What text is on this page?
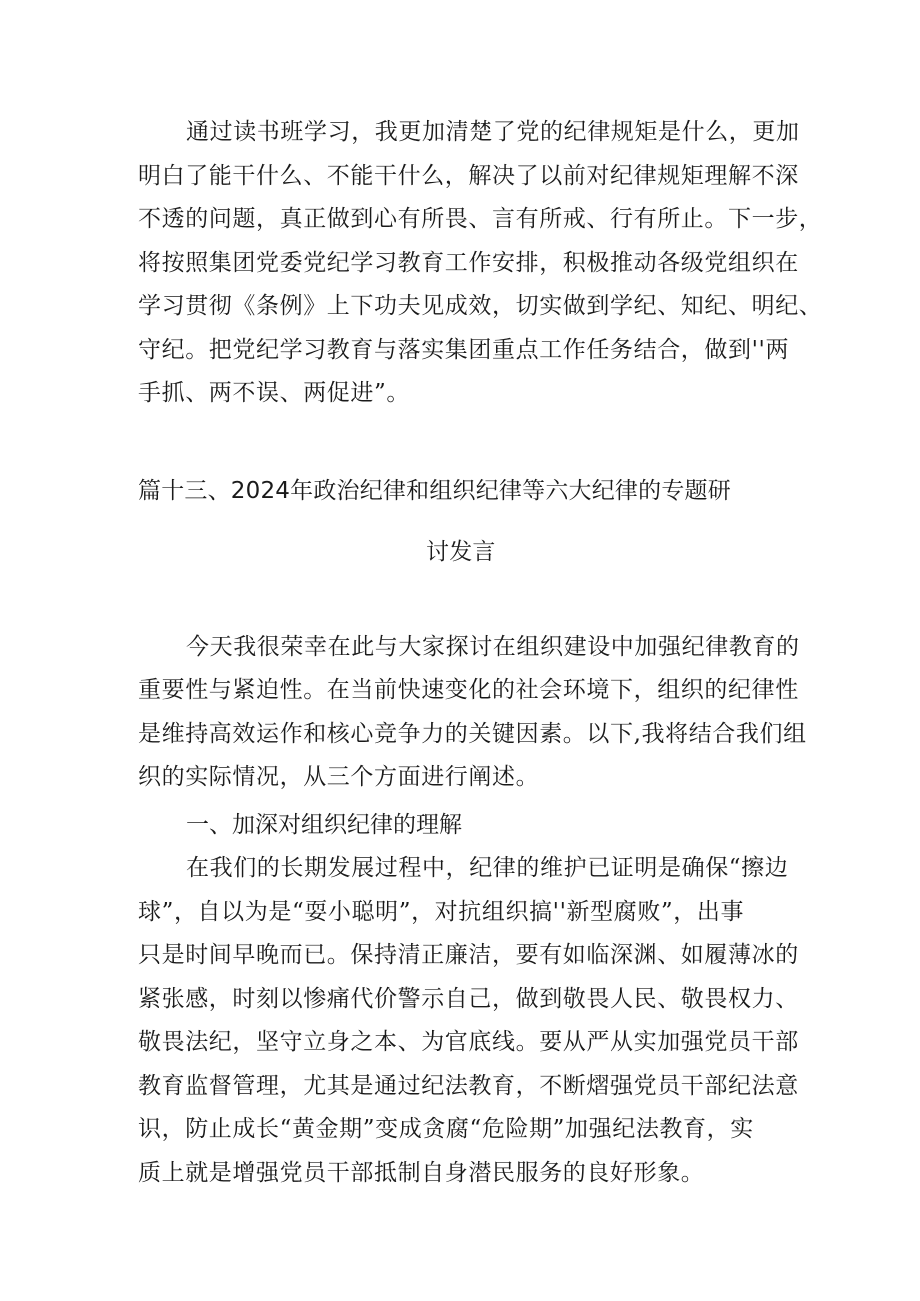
通过读书班学习，我更加清楚了党的纪律规矩是什么，更加
明白了能干什么、不能干什么，解决了以前对纪律规矩理解不深
不透的问题，真正做到心有所畏、言有所戒、行有所止。下一步，
将按照集团党委党纪学习教育工作安排，积极推动各级党组织在
学习贯彻《条例》上下功夫见成效，切实做到学纪、知纪、明纪、
守纪。把党纪学习教育与落实集团重点工作任务结合，做到''两
手抓、两不误、两促进”。
篇十三、2024年政治纪律和组织纪律等六大纪律的专题研
讨发言
今天我很荣幸在此与大家探讨在组织建设中加强纪律教育的
重要性与紧迫性。在当前快速变化的社会环境下，组织的纪律性
是维持高效运作和核心竞争力的关键因素。以下,我将结合我们组
织的实际情况，从三个方面进行阐述。
一、加深对组织纪律的理解
在我们的长期发展过程中，纪律的维护已证明是确保“擦边
球”，自以为是“耍小聪明”，对抗组织搞''新型腐败”，出事
只是时间早晚而已。保持清正廉洁，要有如临深渊、如履薄冰的
紧张感，时刻以惨痛代价警示自己，做到敬畏人民、敬畏权力、
敬畏法纪，坚守立身之本、为官底线。要从严从实加强党员干部
教育监督管理，尤其是通过纪法教育，不断熠强党员干部纪法意
识，防止成长“黄金期”变成贪腐“危险期”加强纪法教育，实
质上就是增强党员干部抵制自身潜民服务的良好形象。
